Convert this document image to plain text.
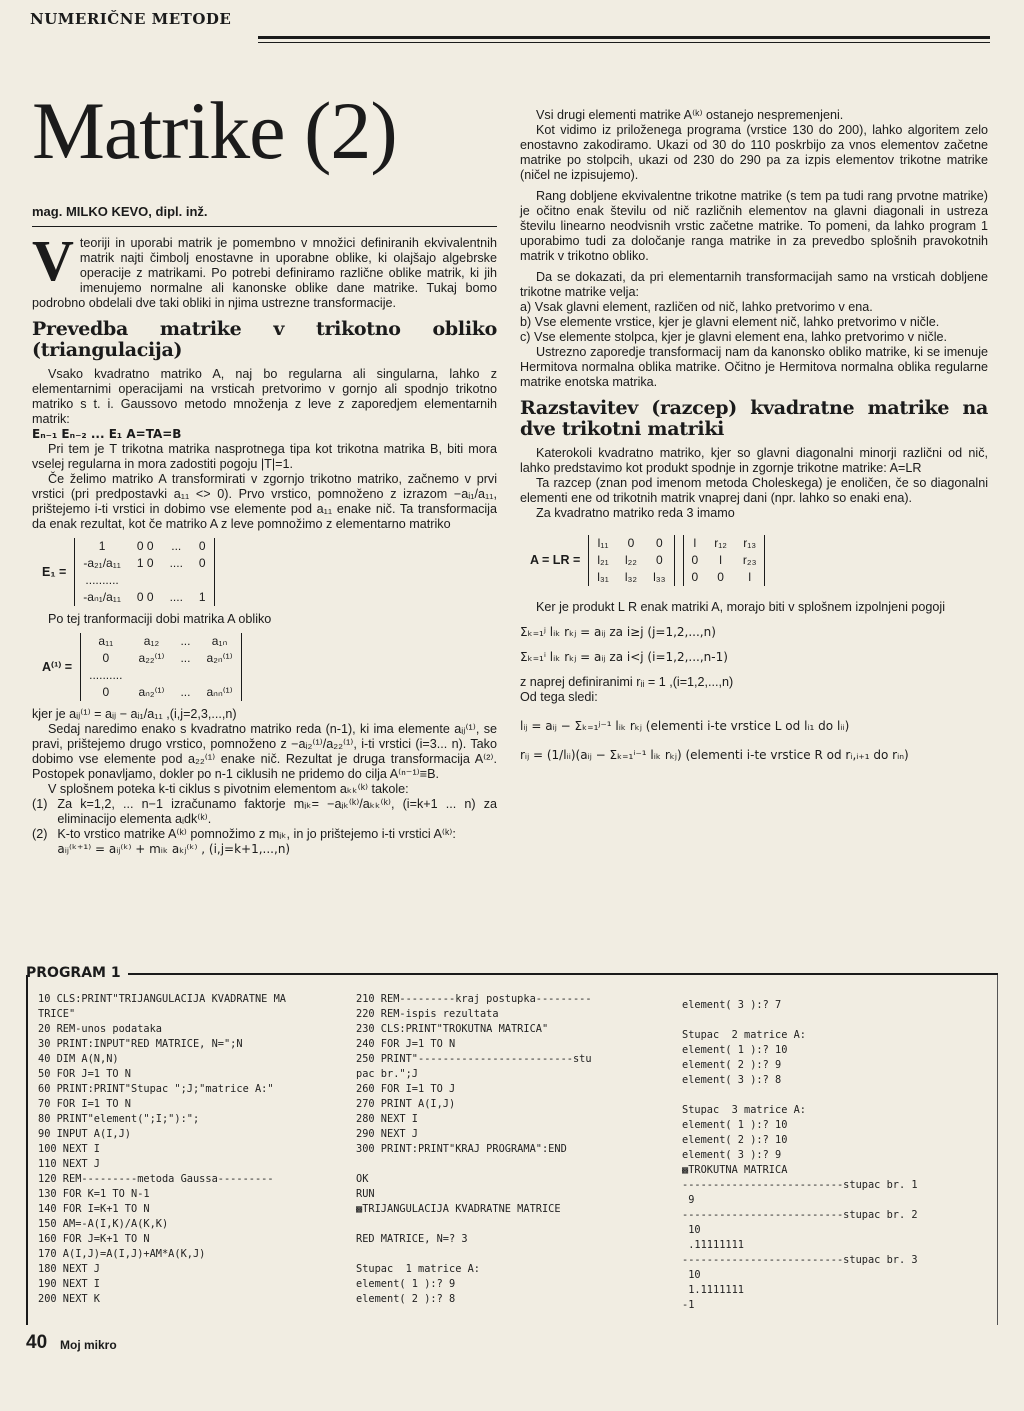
NUMERIČNE METODE
Matrike (2)
mag. MILKO KEVO, dipl. inž.

Vteoriji in uporabi matrik je pomembno v množici definiranih ekvivalentnih matrik najti čimbolj enostavne in uporabne oblike, ki olajšajo algebrske operacije z matrikami. Po potrebi definiramo različne oblike matrik, ki jih imenujemo normalne ali kanonske oblike dane matrike. Tukaj bomo podrobno obdelali dve taki obliki in njima ustrezne transformacije.

Prevedba matrike v trikotno obliko (triangulacija)

Vsako kvadratno matriko A, naj bo regularna ali singularna, lahko z elementarnimi operacijami na vrsticah pretvorimo v gornjo ali spodnjo trikotno matriko s t. i. Gaussovo metodo množenja z leve z zaporedjem elementarnih matrik:

Eₙ₋₁ Eₙ₋₂ ... E₁ A=TA=B

Pri tem je T trikotna matrika nasprotnega tipa kot trikotna matrika B, biti mora vselej regularna in mora zadostiti pogoju |T|=1.

Če želimo matriko A transformirati v zgornjo trikotno matriko, začnemo v prvi vrstici (pri predpostavki a₁₁ <> 0). Prvo vrstico, pomnoženo z izrazom −aᵢ₁/a₁₁, prištejemo i-ti vrstici in dobimo vse elemente pod a₁₁ enake nič. Ta transformacija da enak rezultat, kot če matriko A z leve pomnožimo z elementarno matriko

E₁ =
1	0 0	...	0
-a₂₁/a₁₁	1 0	....	0
..........			
-aₙ₁/a₁₁	0 0	....	1

Po tej tranformaciji dobi matrika A obliko

A⁽¹⁾ =
a₁₁	a₁₂	...	a₁ₙ
0	a₂₂⁽¹⁾	...	a₂ₙ⁽¹⁾
..........			
0	aₙ₂⁽¹⁾	...	aₙₙ⁽¹⁾

kjer je aᵢⱼ⁽¹⁾ = aᵢⱼ − aᵢ₁/a₁₁ ,(i,j=2,3,...,n)

Sedaj naredimo enako s kvadratno matriko reda (n-1), ki ima elemente aᵢⱼ⁽¹⁾, se pravi, prištejemo drugo vrstico, pomnoženo z −aᵢ₂⁽¹⁾/a₂₂⁽¹⁾, i-ti vrstici (i=3... n). Tako dobimo vse elemente pod a₂₂⁽¹⁾ enake nič. Rezultat je druga transformacija A⁽²⁾. Postopek ponavljamo, dokler po n-1 ciklusih ne pridemo do cilja A⁽ⁿ⁻¹⁾≡B.

V splošnem poteka k-ti ciklus s pivotnim elementom aₖₖ⁽ᵏ⁾ takole:

(1) Za k=1,2, ... n−1 izračunamo faktorje mᵢₖ= −aᵢₖ⁽ᵏ⁾/aₖₖ⁽ᵏ⁾, (i=k+1 ... n) za eliminacijo elementa aᵢdk⁽ᵏ⁾.
(2) K-to vrstico matrike A⁽ᵏ⁾ pomnožimo z mᵢₖ, in jo prištejemo i-ti vrstici A⁽ᵏ⁾:
aᵢⱼ⁽ᵏ⁺¹⁾ = aᵢⱼ⁽ᵏ⁾ + mᵢₖ aₖⱼ⁽ᵏ⁾ , (i,j=k+1,...,n)

Vsi drugi elementi matrike A⁽ᵏ⁾ ostanejo nespremenjeni.

Kot vidimo iz priloženega programa (vrstice 130 do 200), lahko algoritem zelo enostavno zakodiramo. Ukazi od 30 do 110 poskrbijo za vnos elementov začetne matrike po stolpcih, ukazi od 230 do 290 pa za izpis elementov trikotne matrike (ničel ne izpisujemo).

Rang dobljene ekvivalentne trikotne matrike (s tem pa tudi rang prvotne matrike) je očitno enak številu od nič različnih elementov na glavni diagonali in ustreza številu linearno neodvisnih vrstic začetne matrike. To pomeni, da lahko program 1 uporabimo tudi za določanje ranga matrike in za prevedbo splošnih pravokotnih matrik v trikotno obliko.

Da se dokazati, da pri elementarnih transformacijah samo na vrsticah dobljene trikotne matrike velja:

a) Vsak glavni element, različen od nič, lahko pretvorimo v ena.

b) Vse elemente vrstice, kjer je glavni element nič, lahko pretvorimo v ničle.

c) Vse elemente stolpca, kjer je glavni element ena, lahko pretvorimo v ničle.

Ustrezno zaporedje transformacij nam da kanonsko obliko matrike, ki se imenuje Hermitova normalna oblika matrike. Očitno je Hermitova normalna oblika regularne matrike enotska matrika.

Razstavitev (razcep) kvadratne matrike na dve trikotni matriki

Katerokoli kvadratno matriko, kjer so glavni diagonalni minorji različni od nič, lahko predstavimo kot produkt spodnje in zgornje trikotne matrike: A=LR

Ta razcep (znan pod imenom metoda Choleskega) je enoličen, če so diagonalni elementi ene od trikotnih matrik vnaprej dani (npr. lahko so enaki ena).

Za kvadratno matriko reda 3 imamo

A = LR =
l₁₁	0	0
l₂₁	l₂₂	0
l₃₁	l₃₂	l₃₃
l	r₁₂	r₁₃
0	l	r₂₃
0	0	l

Ker je produkt L R enak matriki A, morajo biti v splošnem izpolnjeni pogoji

Σₖ₌₁ʲ lᵢₖ rₖⱼ = aᵢⱼ za i≥j (j=1,2,...,n)

Σₖ₌₁ⁱ lᵢₖ rₖⱼ = aᵢⱼ za i<j (i=1,2,...,n-1)

z naprej definiranimi rᵢᵢ = 1 ,(i=1,2,...,n)

Od tega sledi:

lᵢⱼ = aᵢⱼ − Σₖ₌₁ʲ⁻¹ lᵢₖ rₖⱼ (elementi i-te vrstice L od lᵢ₁ do lᵢᵢ)

rᵢⱼ = (1/lᵢᵢ)(aᵢⱼ − Σₖ₌₁ⁱ⁻¹ lᵢₖ rₖⱼ) (elementi i-te vrstice R od rᵢ,ᵢ₊₁ do rᵢₙ)

PROGRAM 1
10 CLS:PRINT"TRIJANGULACIJA KVADRATNE MA
TRICE"
20 REM-unos podataka
30 PRINT:INPUT"RED MATRICE, N=";N
40 DIM A(N,N)
50 FOR J=1 TO N
60 PRINT:PRINT"Stupac ";J;"matrice A:"
70 FOR I=1 TO N
80 PRINT"element(";I;"):";
90 INPUT A(I,J)
100 NEXT I
110 NEXT J
120 REM---------metoda Gaussa---------
130 FOR K=1 TO N-1
140 FOR I=K+1 TO N
150 AM=-A(I,K)/A(K,K)
160 FOR J=K+1 TO N
170 A(I,J)=A(I,J)+AM*A(K,J)
180 NEXT J
190 NEXT I
200 NEXT K
210 REM---------kraj postupka---------
220 REM-ispis rezultata
230 CLS:PRINT"TROKUTNA MATRICA"
240 FOR J=1 TO N
250 PRINT"-------------------------stu
pac br.";J
260 FOR I=1 TO J
270 PRINT A(I,J)
280 NEXT I
290 NEXT J
300 PRINT:PRINT"KRAJ PROGRAMA":END

OK
RUN
▩TRIJANGULACIJA KVADRATNE MATRICE

RED MATRICE, N=? 3

Stupac  1 matrice A:
element( 1 ):? 9
element( 2 ):? 8
element( 3 ):? 7

Stupac  2 matrice A:
element( 1 ):? 10
element( 2 ):? 9
element( 3 ):? 8

Stupac  3 matrice A:
element( 1 ):? 10
element( 2 ):? 10
element( 3 ):? 9
▩TROKUTNA MATRICA
--------------------------stupac br. 1
9
--------------------------stupac br. 2
10
.11111111
--------------------------stupac br. 3
10
1.1111111
-1
40 Moj mikro
